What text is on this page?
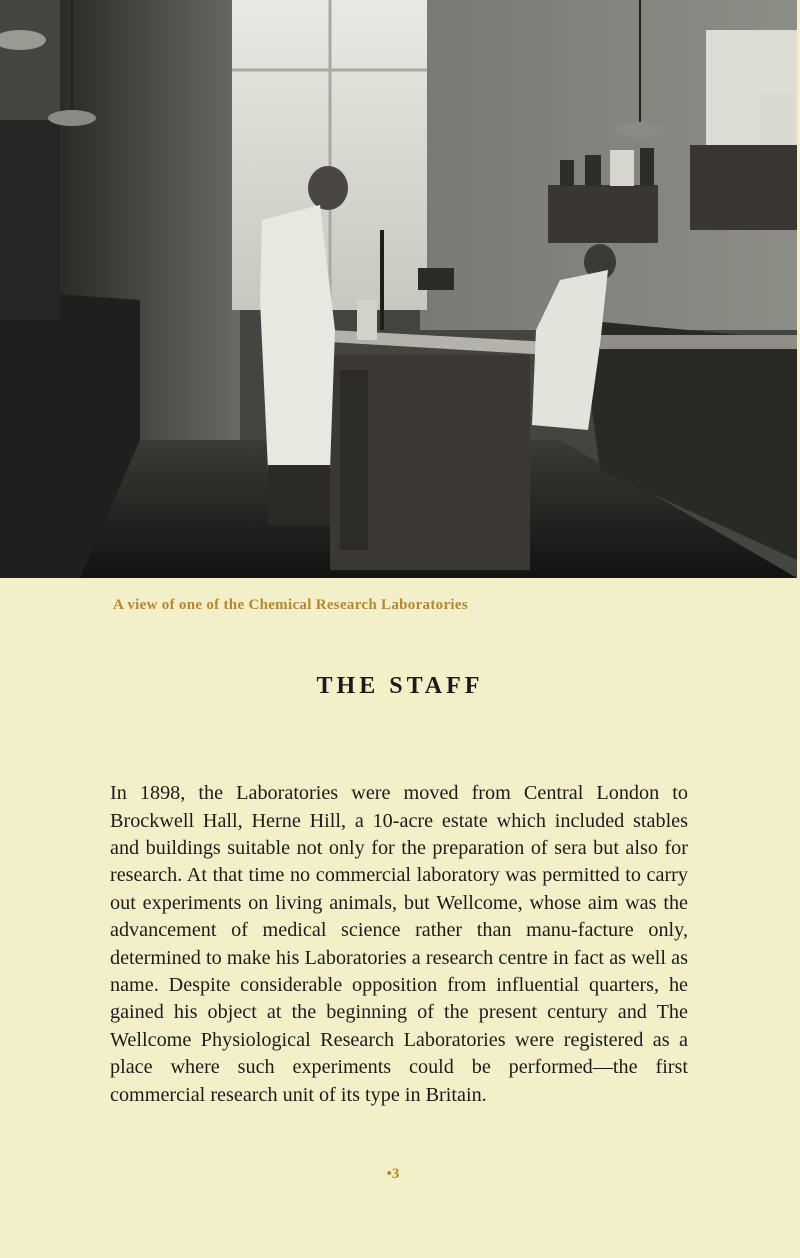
A view of one of the Chemical Research Laboratories
THE STAFF

In 1898, the Laboratories were moved from Central London to Brockwell Hall, Herne Hill, a 10-acre estate which included stables and buildings suitable not only for the preparation of sera but also for research. At that time no commercial laboratory was permitted to carry out experiments on living animals, but Wellcome, whose aim was the advancement of medical science rather than manu-facture only, determined to make his Laboratories a research centre in fact as well as name. Despite considerable opposition from influential quarters, he gained his object at the beginning of the present century and The Wellcome Physiological Research Laboratories were registered as a place where such experiments could be performed—the first commercial research unit of its type in Britain.

•3
